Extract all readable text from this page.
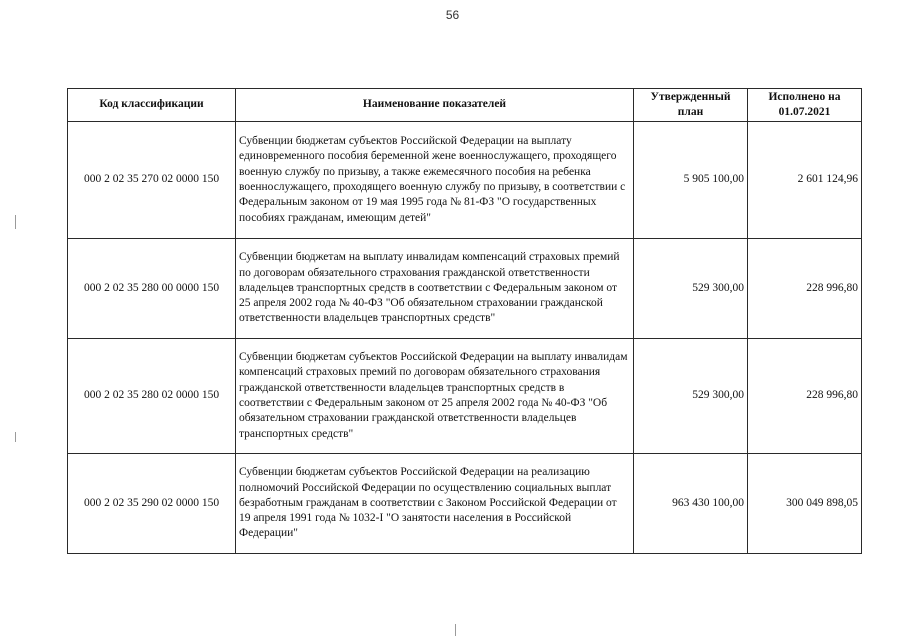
56
Код классификации	Наименование показателей	Утвержденный план	Исполнено на 01.07.2021
000 2 02 35 270 02 0000 150	Субвенции бюджетам субъектов Российской Федерации на выплату единовременного пособия беременной жене военнослужащего, проходящего военную службу по призыву, а также ежемесячного пособия на ребенка военнослужащего, проходящего военную службу по призыву, в соответствии с Федеральным законом от 19 мая 1995 года № 81-ФЗ "О государственных пособиях гражданам, имеющим детей"	5 905 100,00	2 601 124,96
000 2 02 35 280 00 0000 150	Субвенции бюджетам на выплату инвалидам компенсаций страховых премий по договорам обязательного страхования гражданской ответственности владельцев транспортных средств в соответствии с Федеральным законом от 25 апреля 2002 года № 40-ФЗ "Об обязательном страховании гражданской ответственности владельцев транспортных средств"	529 300,00	228 996,80
000 2 02 35 280 02 0000 150	Субвенции бюджетам субъектов Российской Федерации на выплату инвалидам компенсаций страховых премий по договорам обязательного страхования гражданской ответственности владельцев транспортных средств в соответствии с Федеральным законом от 25 апреля 2002 года № 40-ФЗ "Об обязательном страховании гражданской ответственности владельцев транспортных средств"	529 300,00	228 996,80
000 2 02 35 290 02 0000 150	Субвенции бюджетам субъектов Российской Федерации на реализацию полномочий Российской Федерации по осуществлению социальных выплат безработным гражданам в соответствии с Законом Российской Федерации от 19 апреля 1991 года № 1032-I "О занятости населения в Российской Федерации"	963 430 100,00	300 049 898,05
